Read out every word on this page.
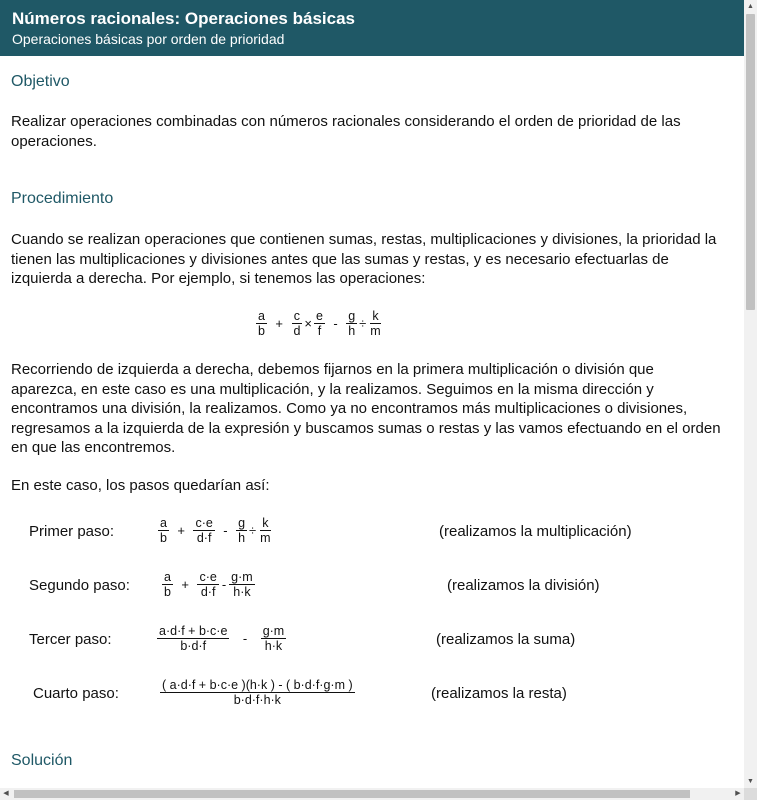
Números racionales: Operaciones básicas
Operaciones básicas por orden de prioridad
Objetivo
Realizar operaciones combinadas con números racionales considerando el orden de prioridad de las operaciones.
Procedimiento
Cuando se realizan operaciones que contienen sumas, restas, multiplicaciones y divisiones, la prioridad la tienen las multiplicaciones y divisiones antes que las sumas y restas, y es necesario efectuarlas de izquierda a derecha. Por ejemplo, si tenemos las operaciones:
$\frac{a}{b} + \frac{c}{d} \times \frac{e}{f} - \frac{g}{h} \div \frac{k}{m}$
Recorriendo de izquierda a derecha, debemos fijarnos en la primera multiplicación o división que aparezca, en este caso es una multiplicación, y la realizamos. Seguimos en la misma dirección y encontramos una división, la realizamos. Como ya no encontramos más multiplicaciones o divisiones, regresamos a la izquierda de la expresión y buscamos sumas o restas y las vamos efectuando en el orden en que las encontremos.
En este caso, los pasos quedarían así:
Primer paso:	$\frac{a}{b} + \frac{c\cdot e}{d\cdot f} - \frac{g}{h} \div \frac{k}{m}$	(realizamos la multiplicación)
Segundo paso:	$\frac{a}{b} + \frac{c\cdot e}{d\cdot f} - \frac{g\cdot m}{h\cdot k}$	(realizamos la división)
Tercer paso:	$\frac{a\cdot d\cdot f + b\cdot c\cdot e}{b\cdot d\cdot f} - \frac{g\cdot m}{h\cdot k}$	(realizamos la suma)
Cuarto paso:	$\frac{( a\cdot d\cdot f + b\cdot c\cdot e )(h\cdot k ) - ( b\cdot d\cdot f\cdot g\cdot m )}{b\cdot d\cdot f\cdot h\cdot k}$	(realizamos la resta)
Solución
▲
▼
◀	▶
